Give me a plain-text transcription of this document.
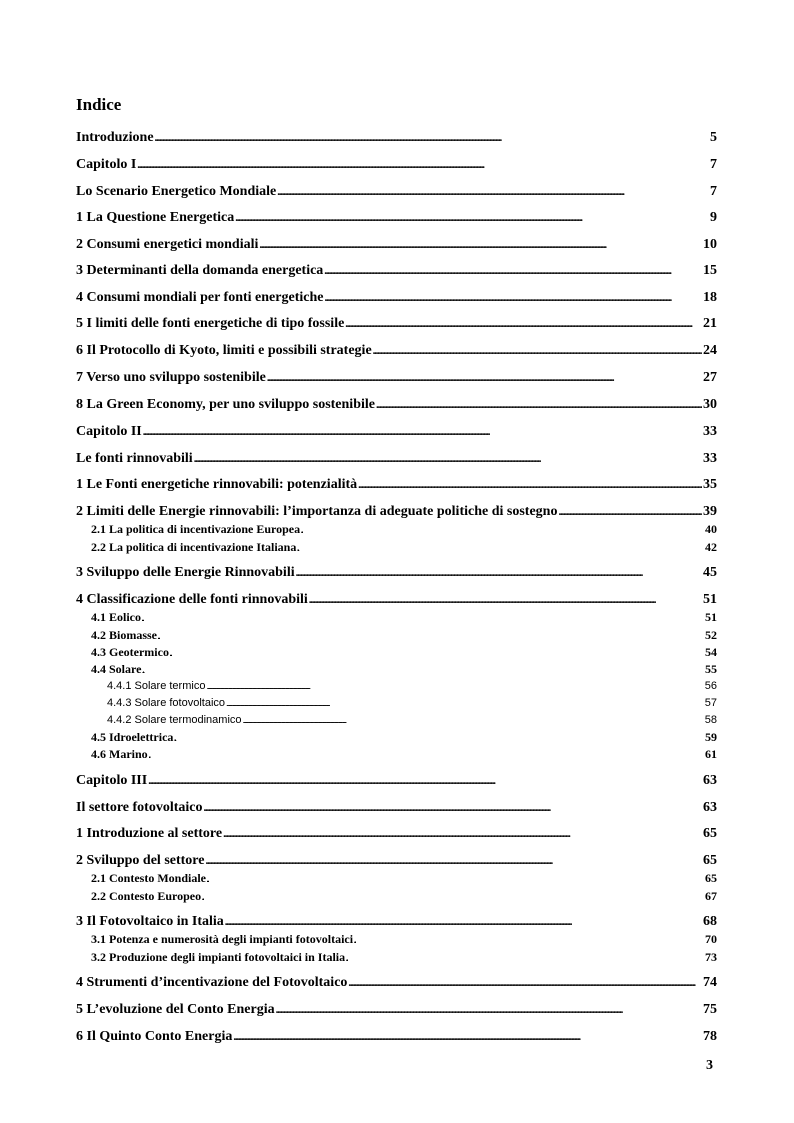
Indice
Introduzione . . .	5
Capitolo I . . .	7
Lo Scenario Energetico Mondiale . . .	7
1 La Questione Energetica . . .	9
2 Consumi energetici mondiali . . .	10
3 Determinanti della domanda energetica . . .	15
4 Consumi mondiali per fonti energetiche . . .	18
5 I limiti delle fonti energetiche di tipo fossile . . .	21
6 Il Protocollo di Kyoto, limiti e possibili strategie . . .	24
7 Verso uno sviluppo sostenibile . . .	27
8 La Green Economy, per uno sviluppo sostenibile . . .	30
Capitolo II . . .	33
Le fonti rinnovabili . . .	33
1 Le Fonti energetiche rinnovabili: potenzialità . . .	35
2 Limiti delle Energie rinnovabili: l’importanza di adeguate politiche di sostegno . . .	39
2.1 La politica di incentivazione Europea . . .	40
2.2 La politica di incentivazione Italiana . . .	42
3 Sviluppo delle Energie Rinnovabili . . .	45
4 Classificazione delle fonti rinnovabili . . .	51
4.1 Eolico . . .	51
4.2 Biomasse . . .	52
4.3 Geotermico . . .	54
4.4 Solare . . .	55
4.4.1 Solare termico . . .	56
4.4.3 Solare fotovoltaico . . .	57
4.4.2 Solare termodinamico . . .	58
4.5 Idroelettrica . . .	59
4.6 Marino . . .	61
Capitolo III . . .	63
Il settore fotovoltaico . . .	63
1 Introduzione al settore . . .	65
2 Sviluppo del settore . . .	65
2.1 Contesto Mondiale . . .	65
2.2 Contesto Europeo . . .	67
3 Il Fotovoltaico in Italia . . .	68
3.1 Potenza e numerosità degli impianti fotovoltaici . . .	70
3.2 Produzione degli impianti fotovoltaici in Italia . . .	73
4 Strumenti d’incentivazione del Fotovoltaico . . .	74
5 L’evoluzione del Conto Energia . . .	75
6 Il Quinto Conto Energia . . .	78
3
